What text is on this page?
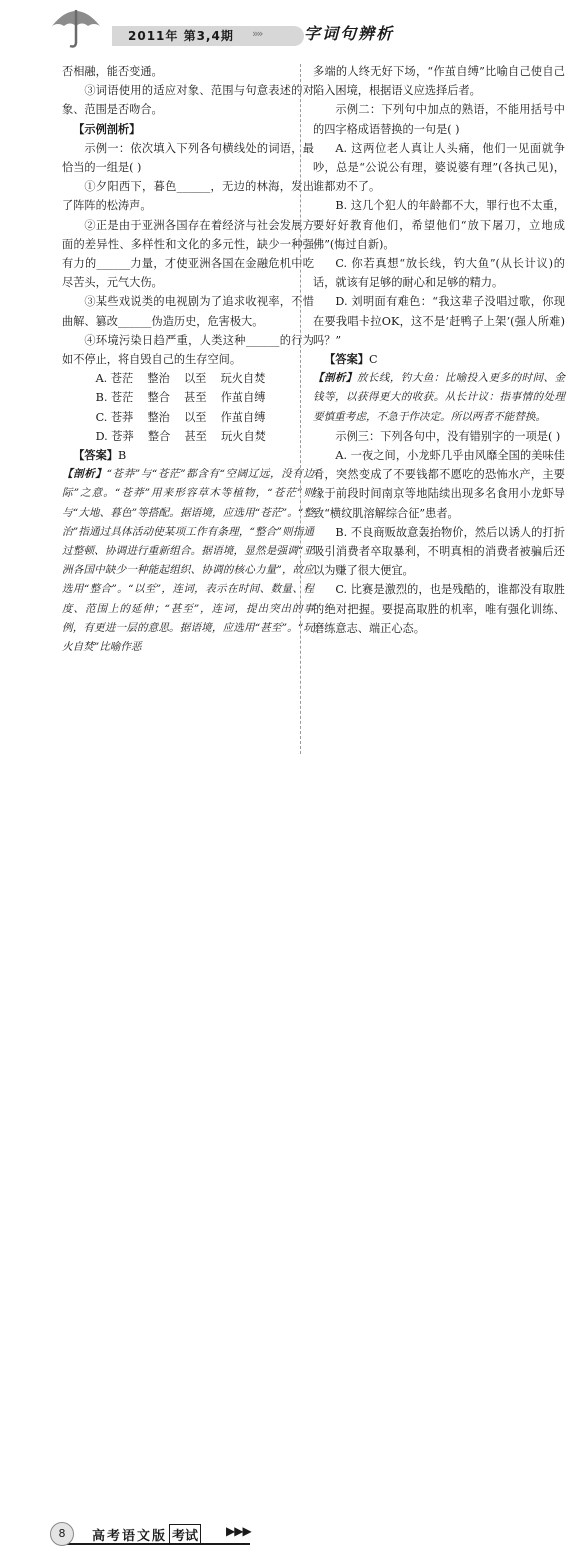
2011年 第3,4期 »»	字词句辨析

否相融，能否变通。

③词语使用的适应对象、范围与句意表述的对象、范围是否吻合。

【示例剖析】

示例一：依次填入下列各句横线处的词语，最恰当的一组是( )

①夕阳西下，暮色______，无边的林海，发出了阵阵的松涛声。

②正是由于亚洲各国存在着经济与社会发展方面的差异性、多样性和文化的多元性，缺少一种强有力的______力量，才使亚洲各国在金融危机中吃尽苦头，元气大伤。

③某些戏说类的电视剧为了追求收视率，不惜曲解、篡改______伪造历史，危害极大。

④环境污染日趋严重，人类这种______的行为如不停止，将自毁自己的生存空间。

A. 苍茫    整治    以至    玩火自焚

B. 苍茫    整合    甚至    作茧自缚

C. 苍莽    整治    以至    作茧自缚

D. 苍莽    整合    甚至    玩火自焚

【答案】B

【剖析】“苍莽”与“苍茫”都含有“空阔辽远，没有边际”之意。“苍莽”用来形容草木等植物，“苍茫”则与“大地、暮色”等搭配。据语境，应选用“苍茫”。“整治”指通过具体活动使某项工作有条理，“整合”则指通过整顿、协调进行重新组合。据语境，显然是强调“亚洲各国中缺少一种能起组织、协调的核心力量”，故应选用“整合”。“以至”，连词，表示在时间、数量、程度、范围上的延伸；“甚至”，连词，提出突出的事例，有更进一层的意思。据语境，应选用“甚至”。“玩火自焚”比喻作恶

多端的人终无好下场，“作茧自缚”比喻自己使自己陷入困境，根据语义应选择后者。

示例二：下列句中加点的熟语，不能用括号中的四字格成语替换的一句是( )

A. 这两位老人真让人头痛，他们一见面就争吵，总是“公说公有理，婆说婆有理”(各执己见)，谁都劝不了。

B. 这几个犯人的年龄都不大，罪行也不太重，要好好教育他们，希望他们“放下屠刀，立地成佛”(悔过自新)。

C. 你若真想“放长线，钓大鱼”(从长计议)的话，就该有足够的耐心和足够的精力。

D. 刘明面有难色：“我这辈子没唱过歌，你现在要我唱卡拉OK，这不是‘赶鸭子上架’(强人所难)吗？”

【答案】C

【剖析】放长线，钓大鱼：比喻投入更多的时间、金钱等，以获得更大的收获。从长计议：指事情的处理要慎重考虑，不急于作决定。所以两者不能替换。

示例三：下列各句中，没有错别字的一项是( )

A. 一夜之间，小龙虾几乎由风靡全国的美味佳肴，突然变成了不要钱都不愿吃的恐怖水产，主要缘于前段时间南京等地陆续出现多名食用小龙虾导致“横纹肌溶解综合征”患者。

B. 不良商贩故意轰抬物价，然后以诱人的打折吸引消费者卒取暴利，不明真相的消费者被骗后还以为赚了很大便宜。

C. 比赛是激烈的，也是残酷的，谁都没有取胜的绝对把握。要提高取胜的机率，唯有强化训练、磨练意志、端正心态。

8	高考语文版 考试 ▶▶▶
